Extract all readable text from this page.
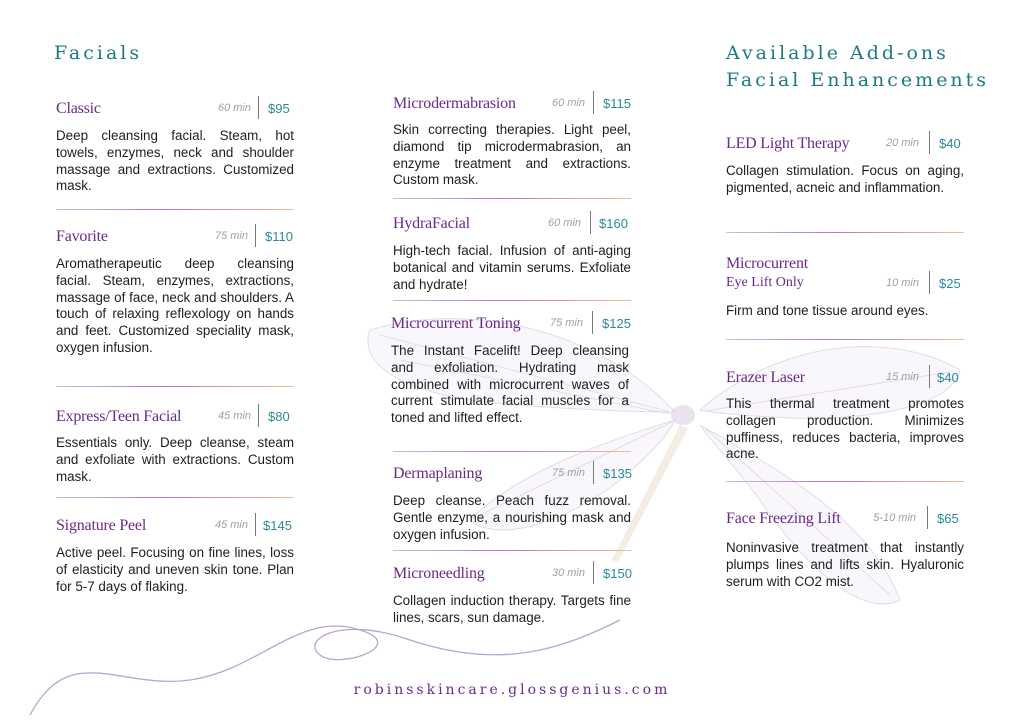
Facials
Classic	60 min $95
Deep cleansing facial. Steam, hot towels, enzymes, neck and shoulder massage and extractions. Customized mask.
Favorite	75 min $110
Aromatherapeutic deep cleansing facial. Steam, enzymes, extractions, massage of face, neck and shoulders. A touch of relaxing reflexology on hands and feet. Customized speciality mask, oxygen infusion.
Express/Teen Facial	45 min $80
Essentials only. Deep cleanse, steam and exfoliate with extractions. Custom mask.
Signature Peel	45 min $145
Active peel. Focusing on fine lines, loss of elasticity and uneven skin tone. Plan for 5-7 days of flaking.
Microdermabrasion	60 min $115
Skin correcting therapies. Light peel, diamond tip microdermabrasion, an enzyme treatment and extractions. Custom mask.
HydraFacial	60 min $160
High-tech facial. Infusion of anti-aging botanical and vitamin serums. Exfoliate and hydrate!
Microcurrent Toning	75 min $125
The Instant Facelift! Deep cleansing and exfoliation. Hydrating mask combined with microcurrent waves of current stimulate facial muscles for a toned and lifted effect.
Dermaplaning	75 min $135
Deep cleanse. Peach fuzz removal. Gentle enzyme, a nourishing mask and oxygen infusion.
Microneedling	30 min $150
Collagen induction therapy. Targets fine lines, scars, sun damage.
Available Add-ons
Facial Enhancements
LED Light Therapy	20 min $40
Collagen stimulation. Focus on aging, pigmented, acneic and inflammation.
Microcurrent
Eye Lift Only	10 min $25
Firm and tone tissue around eyes.
Erazer Laser	15 min $40
This thermal treatment promotes collagen production. Minimizes puffiness, reduces bacteria, improves acne.
Face Freezing Lift	5-10 min $65
Noninvasive treatment that instantly plumps lines and lifts skin. Hyaluronic serum with CO2 mist.
robinsskincare.glossgenius.com
